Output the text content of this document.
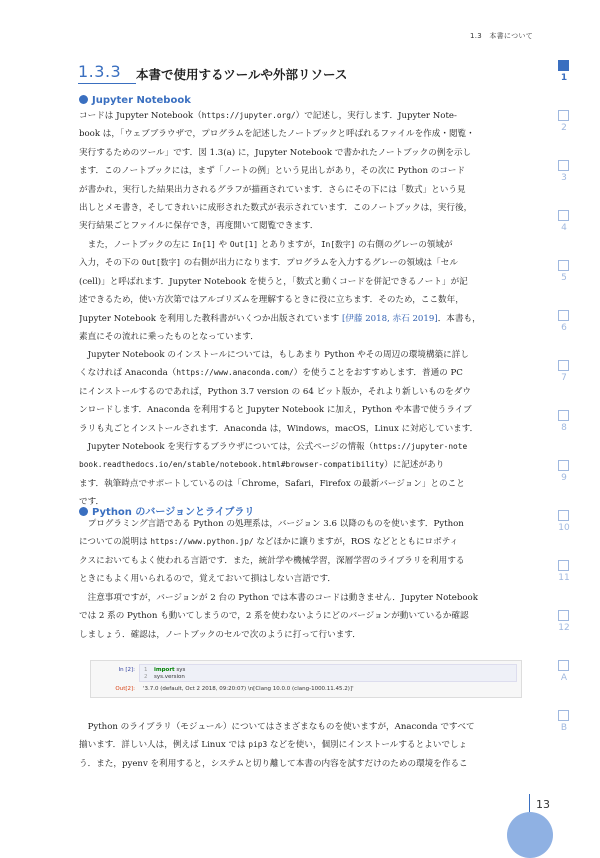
1.3　本書について
1.3.3 本書で使用するツールや外部リソース
Jupyter Notebook
コードは Jupyter Notebook（https://jupyter.org/）で記述し，実行します．Jupyter Note-
book は，「ウェブブラウザで，プログラムを記述したノートブックと呼ばれるファイルを作成・閲覧・
実行するためのツール」です．図 1.3(a) に，Jupyter Notebook で書かれたノートブックの例を示し
ます．このノートブックには，まず「ノートの例」という見出しがあり，その次に Python のコード
が書かれ，実行した結果出力されるグラフが描画されています．さらにその下には「数式」という見
出しとメモ書き，そしてきれいに成形された数式が表示されています．このノートブックは，実行後，
実行結果ごとファイルに保存でき，再度開いて閲覧できます．
　また，ノートブックの左に In[1] や Out[1] とありますが，In[数字] の右側のグレーの領域が
入力，その下の Out[数字] の右側が出力になります．プログラムを入力するグレーの領域は「セル
(cell)」と呼ばれます．Jupyter Notebook を使うと，「数式と動くコードを併記できるノート」が記
述できるため，使い方次第ではアルゴリズムを理解するときに役に立ちます．そのため，ここ数年，
Jupyter Notebook を利用した教科書がいくつか出版されています [伊藤 2018, 赤石 2019]．本書も，
素直にその流れに乗ったものとなっています．
　Jupyter Notebook のインストールについては，もしあまり Python やその周辺の環境構築に詳し
くなければ Anaconda（https://www.anaconda.com/）を使うことをおすすめします．普通の PC
にインストールするのであれば，Python 3.7 version の 64 ビット版か，それより新しいものをダウ
ンロードします．Anaconda を利用すると Jupyter Notebook に加え，Python や本書で使うライブ
ラリも丸ごとインストールされます．Anaconda は，Windows，macOS，Linux に対応しています．
　Jupyter Notebook を実行するブラウザについては，公式ページの情報（https://jupyter-note
book.readthedocs.io/en/stable/notebook.html#browser-compatibility）に記述があり
ます．執筆時点でサポートしているのは「Chrome，Safari，Firefox の最新バージョン」とのこと
です．
Python のバージョンとライブラリ
　プログラミング言語である Python の処理系は，バージョン 3.6 以降のものを使います．Python
についての説明は https://www.python.jp/ などほかに譲りますが，ROS などとともにロボティ
クスにおいてもよく使われる言語です．また，統計学や機械学習，深層学習のライブラリを利用する
ときにもよく用いられるので，覚えておいて損はしない言語です．
　注意事項ですが，バージョンが 2 台の Python では本書のコードは動きません．Jupyter Notebook
では 2 系の Python も動いてしまうので，2 系を使わないようにどのバージョンが動いているか確認
しましょう．確認は，ノートブックのセルで次のように打って行います．
In [2]: 1 import sys
2 sys.version
Out[2]: '3.7.0 (default, Oct 2 2018, 09:20:07) \n[Clang 10.0.0 (clang-1000.11.45.2)]'
　Python のライブラリ（モジュール）についてはさまざまなものを使いますが，Anaconda ですべて
揃います．詳しい人は，例えば Linux では pip3 などを使い，個別にインストールするとよいでしょ
う．また，pyenv を利用すると，システムと切り離して本書の内容を試すだけのための環境を作るこ
1
2
3
4
5
6
7
8
9
10
11
12
A
B
13
